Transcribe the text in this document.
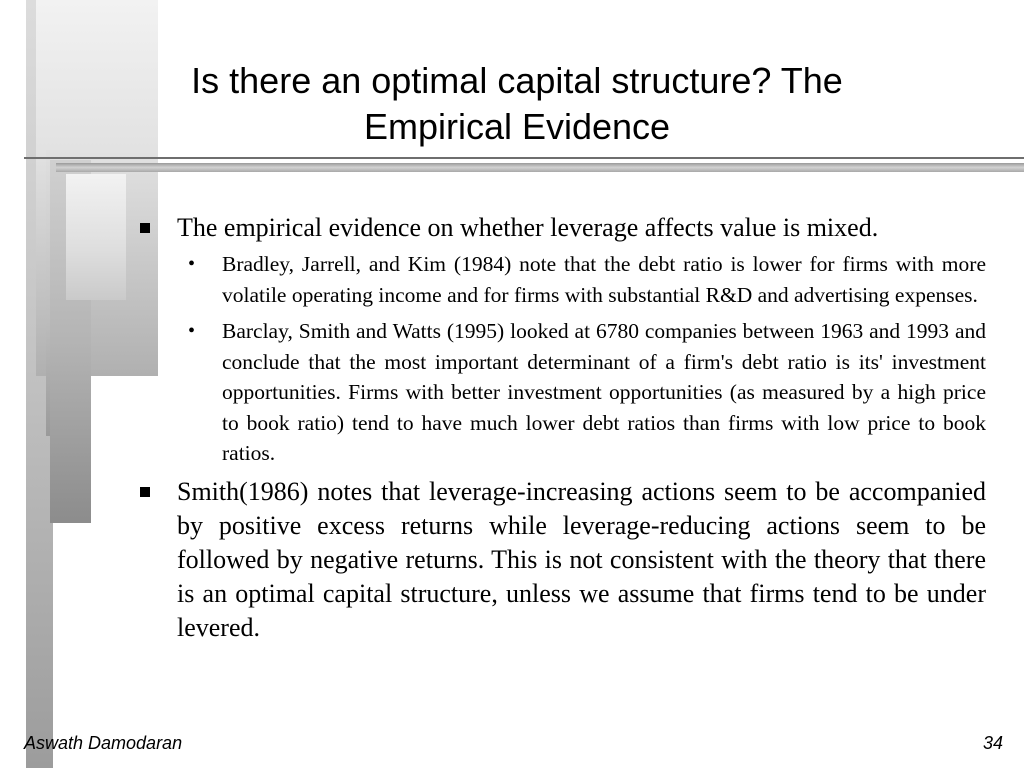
Is there an optimal capital structure? The
Empirical Evidence

The empirical evidence on whether leverage affects value is mixed.

• Bradley, Jarrell, and Kim (1984) note that the debt ratio is lower for firms with more volatile operating income and for firms with substantial R&D and advertising expenses.

• Barclay, Smith and Watts (1995) looked at 6780 companies between 1963 and 1993 and conclude that the most important determinant of a firm's debt ratio is its' investment opportunities. Firms with better investment opportunities (as measured by a high price to book ratio) tend to have much lower debt ratios than firms with low price to book ratios.

Smith(1986) notes that leverage-increasing actions seem to be accompanied by positive excess returns while leverage-reducing actions seem to be followed by negative returns. This is not consistent with the theory that there is an optimal capital structure, unless we assume that firms tend to be under levered.

Aswath Damodaran	34
